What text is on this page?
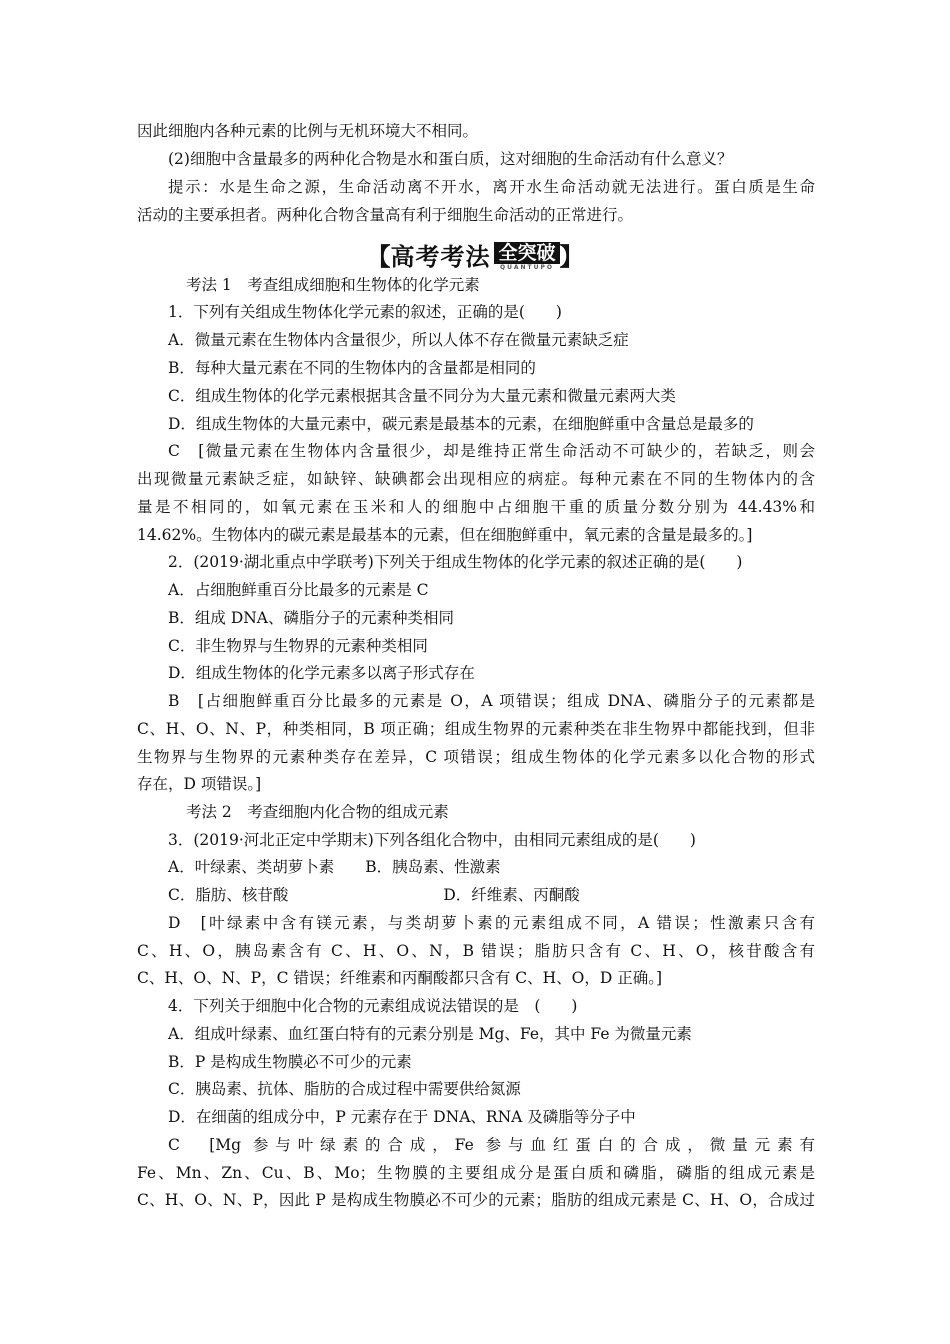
因此细胞内各种元素的比例与无机环境大不相同。
(2)细胞中含量最多的两种化合物是水和蛋白质，这对细胞的生命活动有什么意义？
提示：水是生命之源，生命活动离不开水，离开水生命活动就无法进行。蛋白质是生命
活动的主要承担者。两种化合物含量高有利于细胞生命活动的正常进行。
【 高考考法 全突破
QUANTUPO 】
考法 1　考查组成细胞和生物体的化学元素
1．下列有关组成生物体化学元素的叙述，正确的是(　　)
A．微量元素在生物体内含量很少，所以人体不存在微量元素缺乏症
B．每种大量元素在不同的生物体内的含量都是相同的
C．组成生物体的化学元素根据其含量不同分为大量元素和微量元素两大类
D．组成生物体的大量元素中，碳元素是最基本的元素，在细胞鲜重中含量总是最多的
C　[微量元素在生物体内含量很少，却是维持正常生命活动不可缺少的，若缺乏，则会
出现微量元素缺乏症，如缺锌、缺碘都会出现相应的病症。每种元素在不同的生物体内的含
量是不相同的，如氧元素在玉米和人的细胞中占细胞干重的质量分数分别为 44.43%和
14.62%。生物体内的碳元素是最基本的元素，但在细胞鲜重中，氧元素的含量是最多的。]
2．(2019·湖北重点中学联考)下列关于组成生物体的化学元素的叙述正确的是(　　)
A．占细胞鲜重百分比最多的元素是 C
B．组成 DNA、磷脂分子的元素种类相同
C．非生物界与生物界的元素种类相同
D．组成生物体的化学元素多以离子形式存在
B　[占细胞鲜重百分比最多的元素是 O，A 项错误；组成 DNA、磷脂分子的元素都是
C、H、O、N、P，种类相同，B 项正确；组成生物界的元素种类在非生物界中都能找到，但非
生物界与生物界的元素种类存在差异，C 项错误；组成生物体的化学元素多以化合物的形式
存在，D 项错误。]
考法 2　考查细胞内化合物的组成元素
3．(2019·河北正定中学期末)下列各组化合物中，由相同元素组成的是(　　)
A．叶绿素、类胡萝卜素　　B．胰岛素、性激素
C．脂肪、核苷酸　　　　　　　　　　D．纤维素、丙酮酸
D　[叶绿素中含有镁元素，与类胡萝卜素的元素组成不同，A 错误；性激素只含有
C、H、O，胰岛素含有 C、H、O、N，B 错误；脂肪只含有 C、H、O，核苷酸含有
C、H、O、N、P，C 错误；纤维素和丙酮酸都只含有 C、H、O，D 正确。]
4．下列关于细胞中化合物的元素组成说法错误的是　(　　)
A．组成叶绿素、血红蛋白特有的元素分别是 Mg、Fe，其中 Fe 为微量元素
B．P 是构成生物膜必不可少的元素
C．胰岛素、抗体、脂肪的合成过程中需要供给氮源
D．在细菌的组成分中，P 元素存在于 DNA、RNA 及磷脂等分子中
C　[Mg 参与叶绿素的合成，Fe 参与血红蛋白的合成，微量元素有
Fe、Mn、Zn、Cu、B、Mo；生物膜的主要组成分是蛋白质和磷脂，磷脂的组成元素是
C、H、O、N、P，因此 P 是构成生物膜必不可少的元素；脂肪的组成元素是 C、H、O，合成过
